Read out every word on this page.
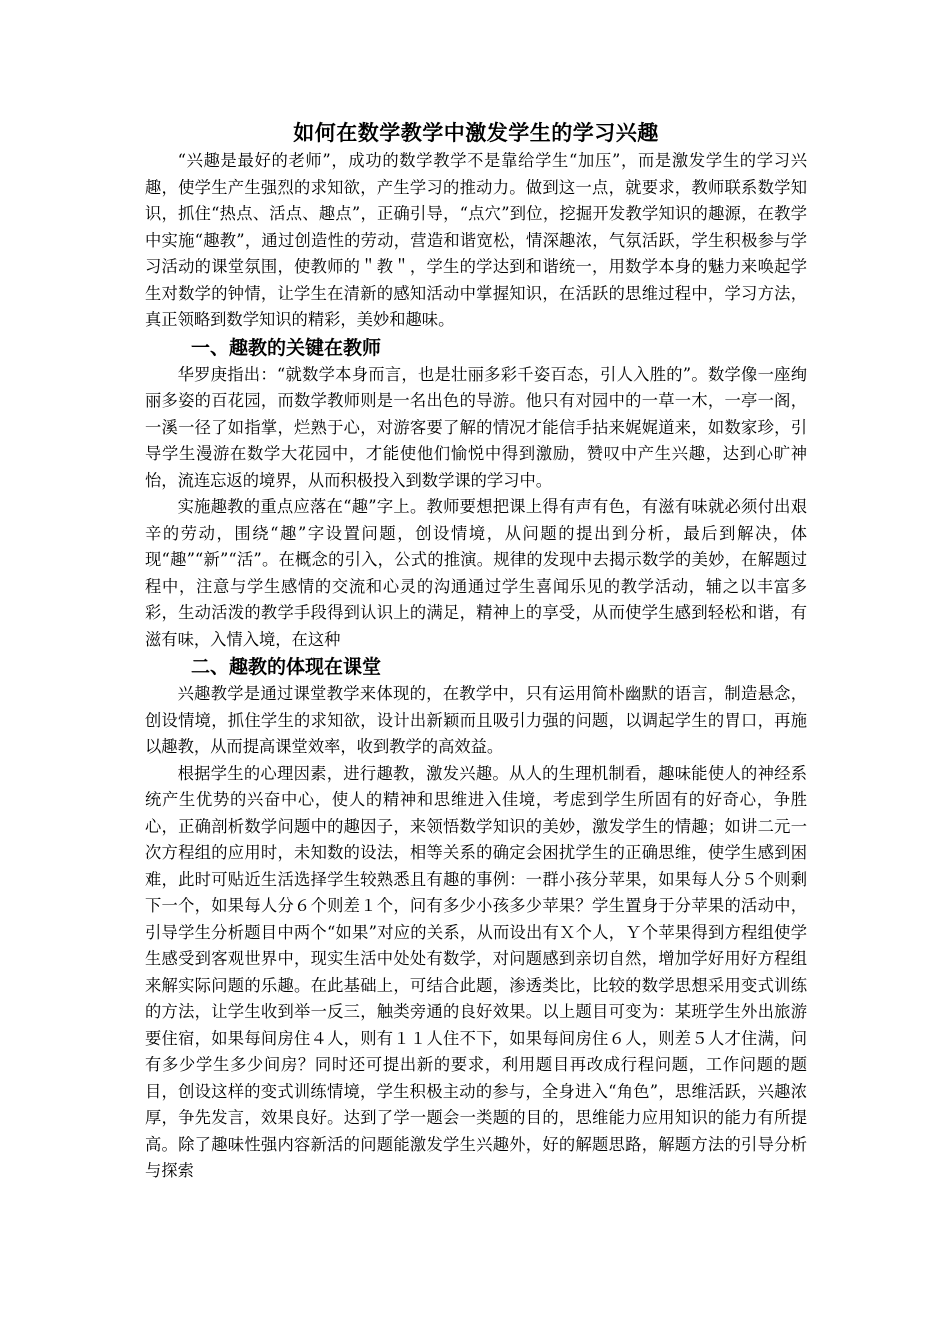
如何在数学教学中激发学生的学习兴趣

“兴趣是最好的老师”，成功的数学教学不是靠给学生“加压”，而是激发学生的学习兴趣，使学生产生强烈的求知欲，产生学习的推动力。做到这一点，就要求，教师联系数学知识，抓住“热点、活点、趣点”，正确引导，“点穴”到位，挖掘开发教学知识的趣源，在教学中实施“趣教”，通过创造性的劳动，营造和谐宽松，情深趣浓，气氛活跃，学生积极参与学习活动的课堂氛围，使教师的＂教＂，学生的学达到和谐统一，用数学本身的魅力来唤起学生对数学的钟情，让学生在清新的感知活动中掌握知识，在活跃的思维过程中，学习方法，真正领略到数学知识的精彩，美妙和趣味。

一、趣教的关键在教师

华罗庚指出：“就数学本身而言，也是壮丽多彩千姿百态，引人入胜的”。数学像一座绚丽多姿的百花园，而数学教师则是一名出色的导游。他只有对园中的一草一木，一亭一阁，一溪一径了如指掌，烂熟于心，对游客要了解的情况才能信手拈来娓娓道来，如数家珍，引导学生漫游在数学大花园中，才能使他们愉悦中得到激励，赞叹中产生兴趣，达到心旷神怡，流连忘返的境界，从而积极投入到数学课的学习中。

实施趣教的重点应落在“趣”字上。教师要想把课上得有声有色，有滋有味就必须付出艰辛的劳动，围绕“趣”字设置问题，创设情境，从问题的提出到分析，最后到解决，体现“趣”“新”“活”。在概念的引入，公式的推演。规律的发现中去揭示数学的美妙，在解题过程中，注意与学生感情的交流和心灵的沟通通过学生喜闻乐见的教学活动，辅之以丰富多彩，生动活泼的教学手段得到认识上的满足，精神上的享受，从而使学生感到轻松和谐，有滋有味，入情入境，在这种

二、趣教的体现在课堂

兴趣教学是通过课堂教学来体现的，在教学中，只有运用简朴幽默的语言，制造悬念，创设情境，抓住学生的求知欲，设计出新颖而且吸引力强的问题，以调起学生的胃口，再施以趣教，从而提高课堂效率，收到教学的高效益。

根据学生的心理因素，进行趣教，激发兴趣。从人的生理机制看，趣味能使人的神经系统产生优势的兴奋中心，使人的精神和思维进入佳境，考虑到学生所固有的好奇心，争胜心，正确剖析数学问题中的趣因子，来领悟数学知识的美妙，激发学生的情趣；如讲二元一次方程组的应用时，未知数的设法，相等关系的确定会困扰学生的正确思维，使学生感到困难，此时可贴近生活选择学生较熟悉且有趣的事例：一群小孩分苹果，如果每人分５个则剩下一个，如果每人分６个则差１个，问有多少小孩多少苹果？学生置身于分苹果的活动中，引导学生分析题目中两个“如果”对应的关系，从而设出有Ｘ个人，Ｙ个苹果得到方程组使学生感受到客观世界中，现实生活中处处有数学，对问题感到亲切自然，增加学好用好方程组来解实际问题的乐趣。在此基础上，可结合此题，渗透类比，比较的数学思想采用变式训练的方法，让学生收到举一反三，触类旁通的良好效果。以上题目可变为：某班学生外出旅游要住宿，如果每间房住４人，则有１１人住不下，如果每间房住６人，则差５人才住满，问有多少学生多少间房？同时还可提出新的要求，利用题目再改成行程问题，工作问题的题目，创设这样的变式训练情境，学生积极主动的参与，全身进入“角色”，思维活跃，兴趣浓厚，争先发言，效果良好。达到了学一题会一类题的目的，思维能力应用知识的能力有所提高。除了趣味性强内容新活的问题能激发学生兴趣外，好的解题思路，解题方法的引导分析与探索
